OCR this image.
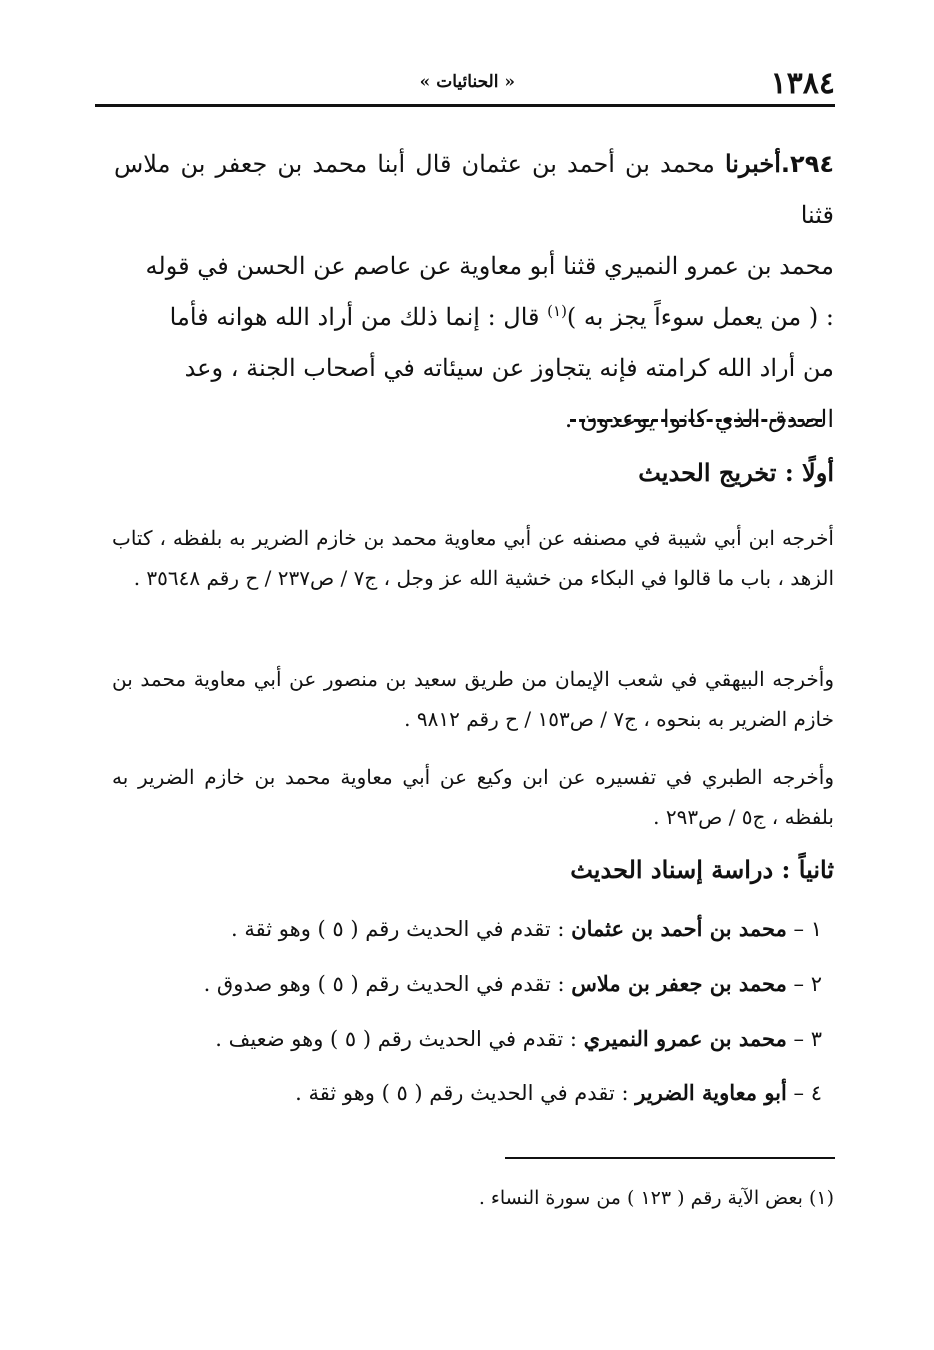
١٣٨٤
« الحنائيات »

٢٩٤.أخبرنا محمد بن أحمد بن عثمان قال أبنا محمد بن جعفر بن ملاس قثنا

محمد بن عمرو النميري قثنا أبو معاوية عن عاصم عن الحسن في قوله

: ( من يعمل سوءاً يجز به )$^{(١)}$ قال : إنما ذلك من أراد الله هوانه فأما

من أراد الله كرامته فإنه يتجاوز عن سيئاته في أصحاب الجنة ، وعد

الصدق الذي كانوا يوعدون .

أولًا : تخريج الحديث

أخرجه ابن أبي شيبة في مصنفه عن أبي معاوية محمد بن خازم الضرير به بلفظه ، كتاب الزهد ، باب ما قالوا في البكاء من خشية الله عز وجل ، ج٧ / ص٢٣٧ / ح رقم ٣٥٦٤٨ .

وأخرجه البيهقي في شعب الإيمان من طريق سعيد بن منصور عن أبي معاوية محمد بن خازم الضرير به بنحوه ، ج٧ / ص١٥٣ / ح رقم ٩٨١٢ .

وأخرجه الطبري في تفسيره عن ابن وكيع عن أبي معاوية محمد بن خازم الضرير به بلفظه ، ج٥ / ص٢٩٣ .

ثانياً : دراسة إسناد الحديث
١ – محمد بن أحمد بن عثمان : تقدم في الحديث رقم ( ٥ ) وهو ثقة .
٢ – محمد بن جعفر بن ملاس : تقدم في الحديث رقم ( ٥ ) وهو صدوق .
٣ – محمد بن عمرو النميري : تقدم في الحديث رقم ( ٥ ) وهو ضعيف .
٤ – أبو معاوية الضرير : تقدم في الحديث رقم ( ٥ ) وهو ثقة .
(١) بعض الآية رقم ( ١٢٣ ) من سورة النساء .
